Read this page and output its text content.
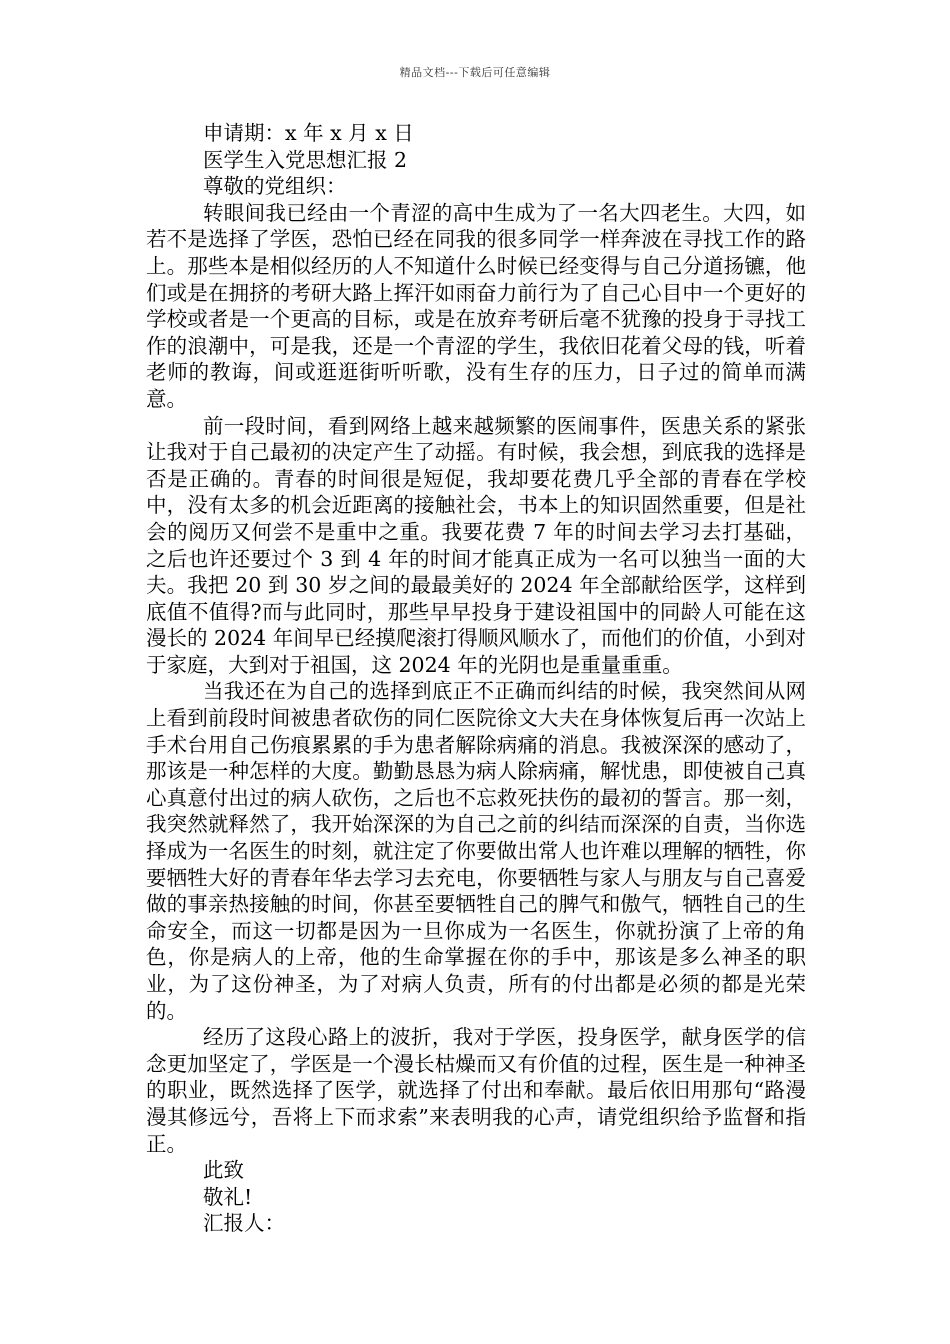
精品文档---下载后可任意编辑
申请期：x 年 x 月 x 日
医学生入党思想汇报 2
尊敬的党组织：

转眼间我已经由一个青涩的高中生成为了一名大四老生。大四，如若不是选择了学医，恐怕已经在同我的很多同学一样奔波在寻找工作的路上。那些本是相似经历的人不知道什么时候已经变得与自己分道扬镳，他们或是在拥挤的考研大路上挥汗如雨奋力前行为了自己心目中一个更好的学校或者是一个更高的目标，或是在放弃考研后毫不犹豫的投身于寻找工作的浪潮中，可是我，还是一个青涩的学生，我依旧花着父母的钱，听着老师的教诲，间或逛逛街听听歌，没有生存的压力，日子过的简单而满意。

前一段时间，看到网络上越来越频繁的医闹事件，医患关系的紧张让我对于自己最初的决定产生了动摇。有时候，我会想，到底我的选择是否是正确的。青春的时间很是短促，我却要花费几乎全部的青春在学校中，没有太多的机会近距离的接触社会，书本上的知识固然重要，但是社会的阅历又何尝不是重中之重。我要花费 7 年的时间去学习去打基础，之后也许还要过个 3 到 4 年的时间才能真正成为一名可以独当一面的大夫。我把 20 到 30 岁之间的最最美好的 2024 年全部献给医学，这样到底值不值得?而与此同时，那些早早投身于建设祖国中的同龄人可能在这漫长的 2024 年间早已经摸爬滚打得顺风顺水了，而他们的价值，小到对于家庭，大到对于祖国，这 2024 年的光阴也是重量重重。

当我还在为自己的选择到底正不正确而纠结的时候，我突然间从网上看到前段时间被患者砍伤的同仁医院徐文大夫在身体恢复后再一次站上手术台用自己伤痕累累的手为患者解除病痛的消息。我被深深的感动了，那该是一种怎样的大度。勤勤恳恳为病人除病痛，解忧患，即使被自己真心真意付出过的病人砍伤，之后也不忘救死扶伤的最初的誓言。那一刻，我突然就释然了，我开始深深的为自己之前的纠结而深深的自责，当你选择成为一名医生的时刻，就注定了你要做出常人也许难以理解的牺牲，你要牺牲大好的青春年华去学习去充电，你要牺牲与家人与朋友与自己喜爱做的事亲热接触的时间，你甚至要牺牲自己的脾气和傲气，牺牲自己的生命安全，而这一切都是因为一旦你成为一名医生，你就扮演了上帝的角色，你是病人的上帝，他的生命掌握在你的手中，那该是多么神圣的职业，为了这份神圣，为了对病人负责，所有的付出都是必须的都是光荣的。

经历了这段心路上的波折，我对于学医，投身医学，献身医学的信念更加坚定了，学医是一个漫长枯燥而又有价值的过程，医生是一种神圣的职业，既然选择了医学，就选择了付出和奉献。最后依旧用那句“路漫漫其修远兮，吾将上下而求索”来表明我的心声，请党组织给予监督和指正。

此致
敬礼!
汇报人：
